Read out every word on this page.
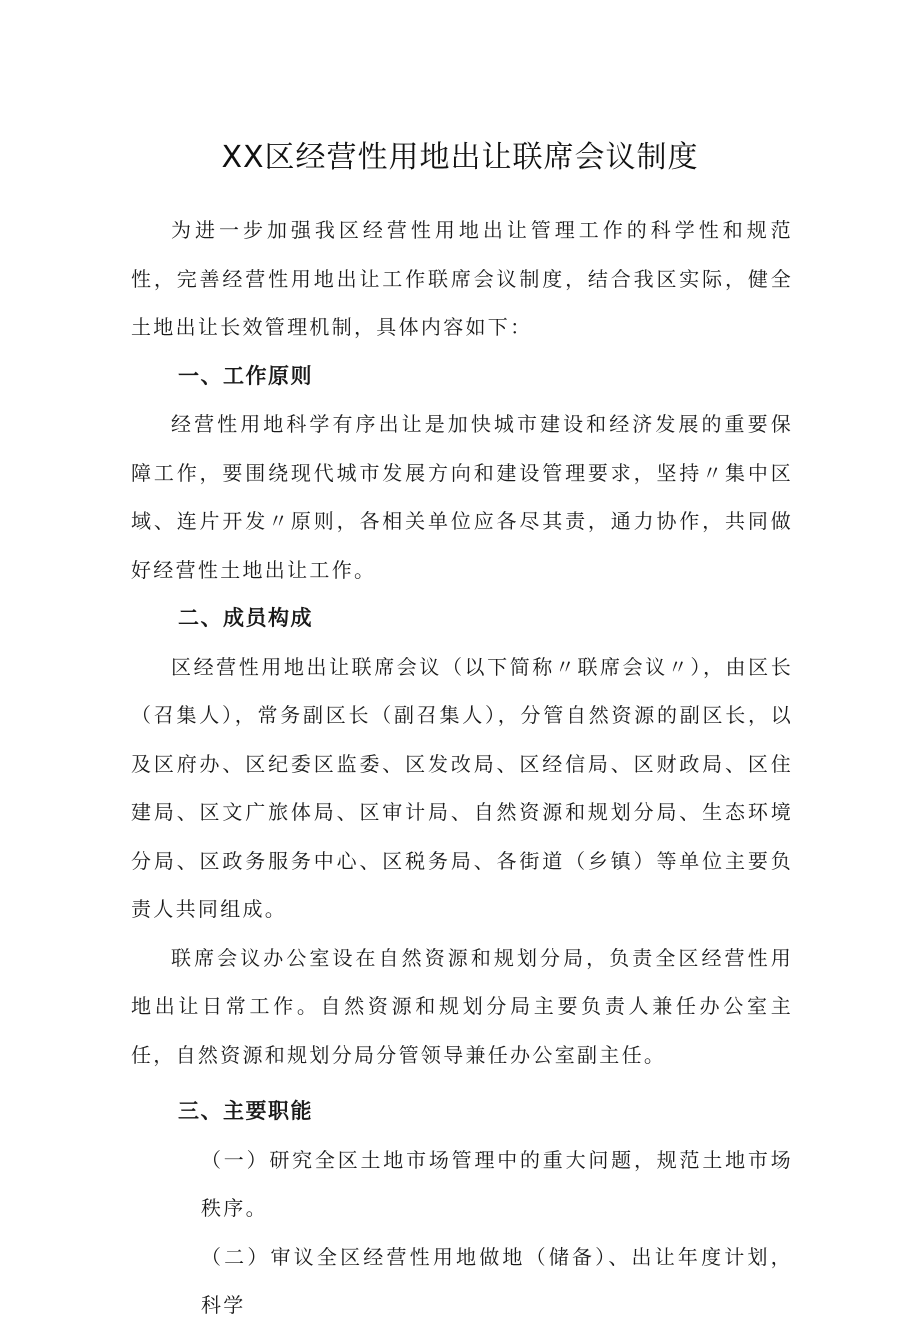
XX区经营性用地出让联席会议制度

为进一步加强我区经营性用地出让管理工作的科学性和规范性，完善经营性用地出让工作联席会议制度，结合我区实际，健全土地出让长效管理机制，具体内容如下：

一、工作原则

经营性用地科学有序出让是加快城市建设和经济发展的重要保障工作，要围绕现代城市发展方向和建设管理要求，坚持〃集中区域、连片开发〃原则，各相关单位应各尽其责，通力协作，共同做好经营性土地出让工作。

二、成员构成

区经营性用地出让联席会议（以下简称〃联席会议〃），由区长（召集人），常务副区长（副召集人），分管自然资源的副区长，以及区府办、区纪委区监委、区发改局、区经信局、区财政局、区住建局、区文广旅体局、区审计局、自然资源和规划分局、生态环境分局、区政务服务中心、区税务局、各街道（乡镇）等单位主要负责人共同组成。

联席会议办公室设在自然资源和规划分局，负责全区经营性用地出让日常工作。自然资源和规划分局主要负责人兼任办公室主任，自然资源和规划分局分管领导兼任办公室副主任。

三、主要职能

（一）研究全区土地市场管理中的重大问题，规范土地市场秩序。

（二）审议全区经营性用地做地（储备）、出让年度计划，科学
